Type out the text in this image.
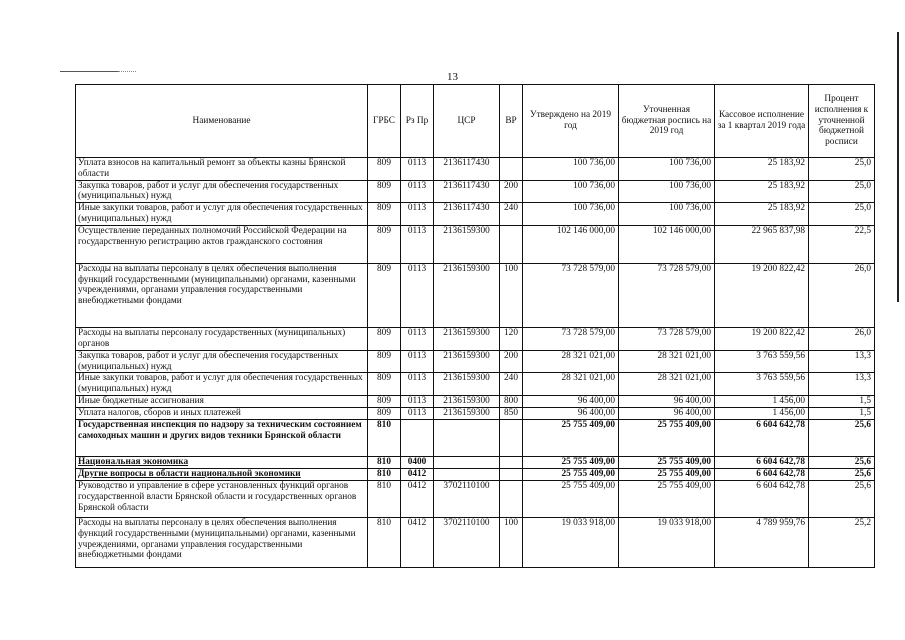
13
Наименование	ГРБС	Рз Пр	ЦСР	ВР	Утверждено на 2019 год	Уточненная бюджетная роспись на 2019 год	Кассовое исполнение за 1 квартал 2019 года	Процент исполнения к уточненной бюджетной росписи
Уплата взносов на капитальный ремонт за объекты казны Брянской области	809	0113	2136117430		100 736,00	100 736,00	25 183,92	25,0
Закупка товаров, работ и услуг для обеспечения государственных (муниципальных) нужд	809	0113	2136117430	200	100 736,00	100 736,00	25 183,92	25,0
Иные закупки товаров, работ и услуг для обеспечения государственных (муниципальных) нужд	809	0113	2136117430	240	100 736,00	100 736,00	25 183,92	25,0
Осуществление переданных полномочий Российской Федерации на государственную регистрацию актов гражданского состояния	809	0113	2136159300		102 146 000,00	102 146 000,00	22 965 837,98	22,5
Расходы на выплаты персоналу в целях обеспечения выполнения функций государственными (муниципальными) органами, казенными учреждениями, органами управления государственными внебюджетными фондами	809	0113	2136159300	100	73 728 579,00	73 728 579,00	19 200 822,42	26,0
Расходы на выплаты персоналу государственных (муниципальных) органов	809	0113	2136159300	120	73 728 579,00	73 728 579,00	19 200 822,42	26,0
Закупка товаров, работ и услуг для обеспечения государственных (муниципальных) нужд	809	0113	2136159300	200	28 321 021,00	28 321 021,00	3 763 559,56	13,3
Иные закупки товаров, работ и услуг для обеспечения государственных (муниципальных) нужд	809	0113	2136159300	240	28 321 021,00	28 321 021,00	3 763 559,56	13,3
Иные бюджетные ассигнования	809	0113	2136159300	800	96 400,00	96 400,00	1 456,00	1,5
Уплата налогов, сборов и иных платежей	809	0113	2136159300	850	96 400,00	96 400,00	1 456,00	1,5
Государственная инспекция по надзору за техническим состоянием самоходных машин и других видов техники Брянской области	810				25 755 409,00	25 755 409,00	6 604 642,78	25,6
Национальная экономика	810	0400			25 755 409,00	25 755 409,00	6 604 642,78	25,6
Другие вопросы в области национальной экономики	810	0412			25 755 409,00	25 755 409,00	6 604 642,78	25,6
Руководство и управление в сфере установленных функций органов государственной власти Брянской области и государственных органов Брянской области	810	0412	3702110100		25 755 409,00	25 755 409,00	6 604 642,78	25,6
Расходы на выплаты персоналу в целях обеспечения выполнения функций государственными (муниципальными) органами, казенными учреждениями, органами управления государственными внебюджетными фондами	810	0412	3702110100	100	19 033 918,00	19 033 918,00	4 789 959,76	25,2
